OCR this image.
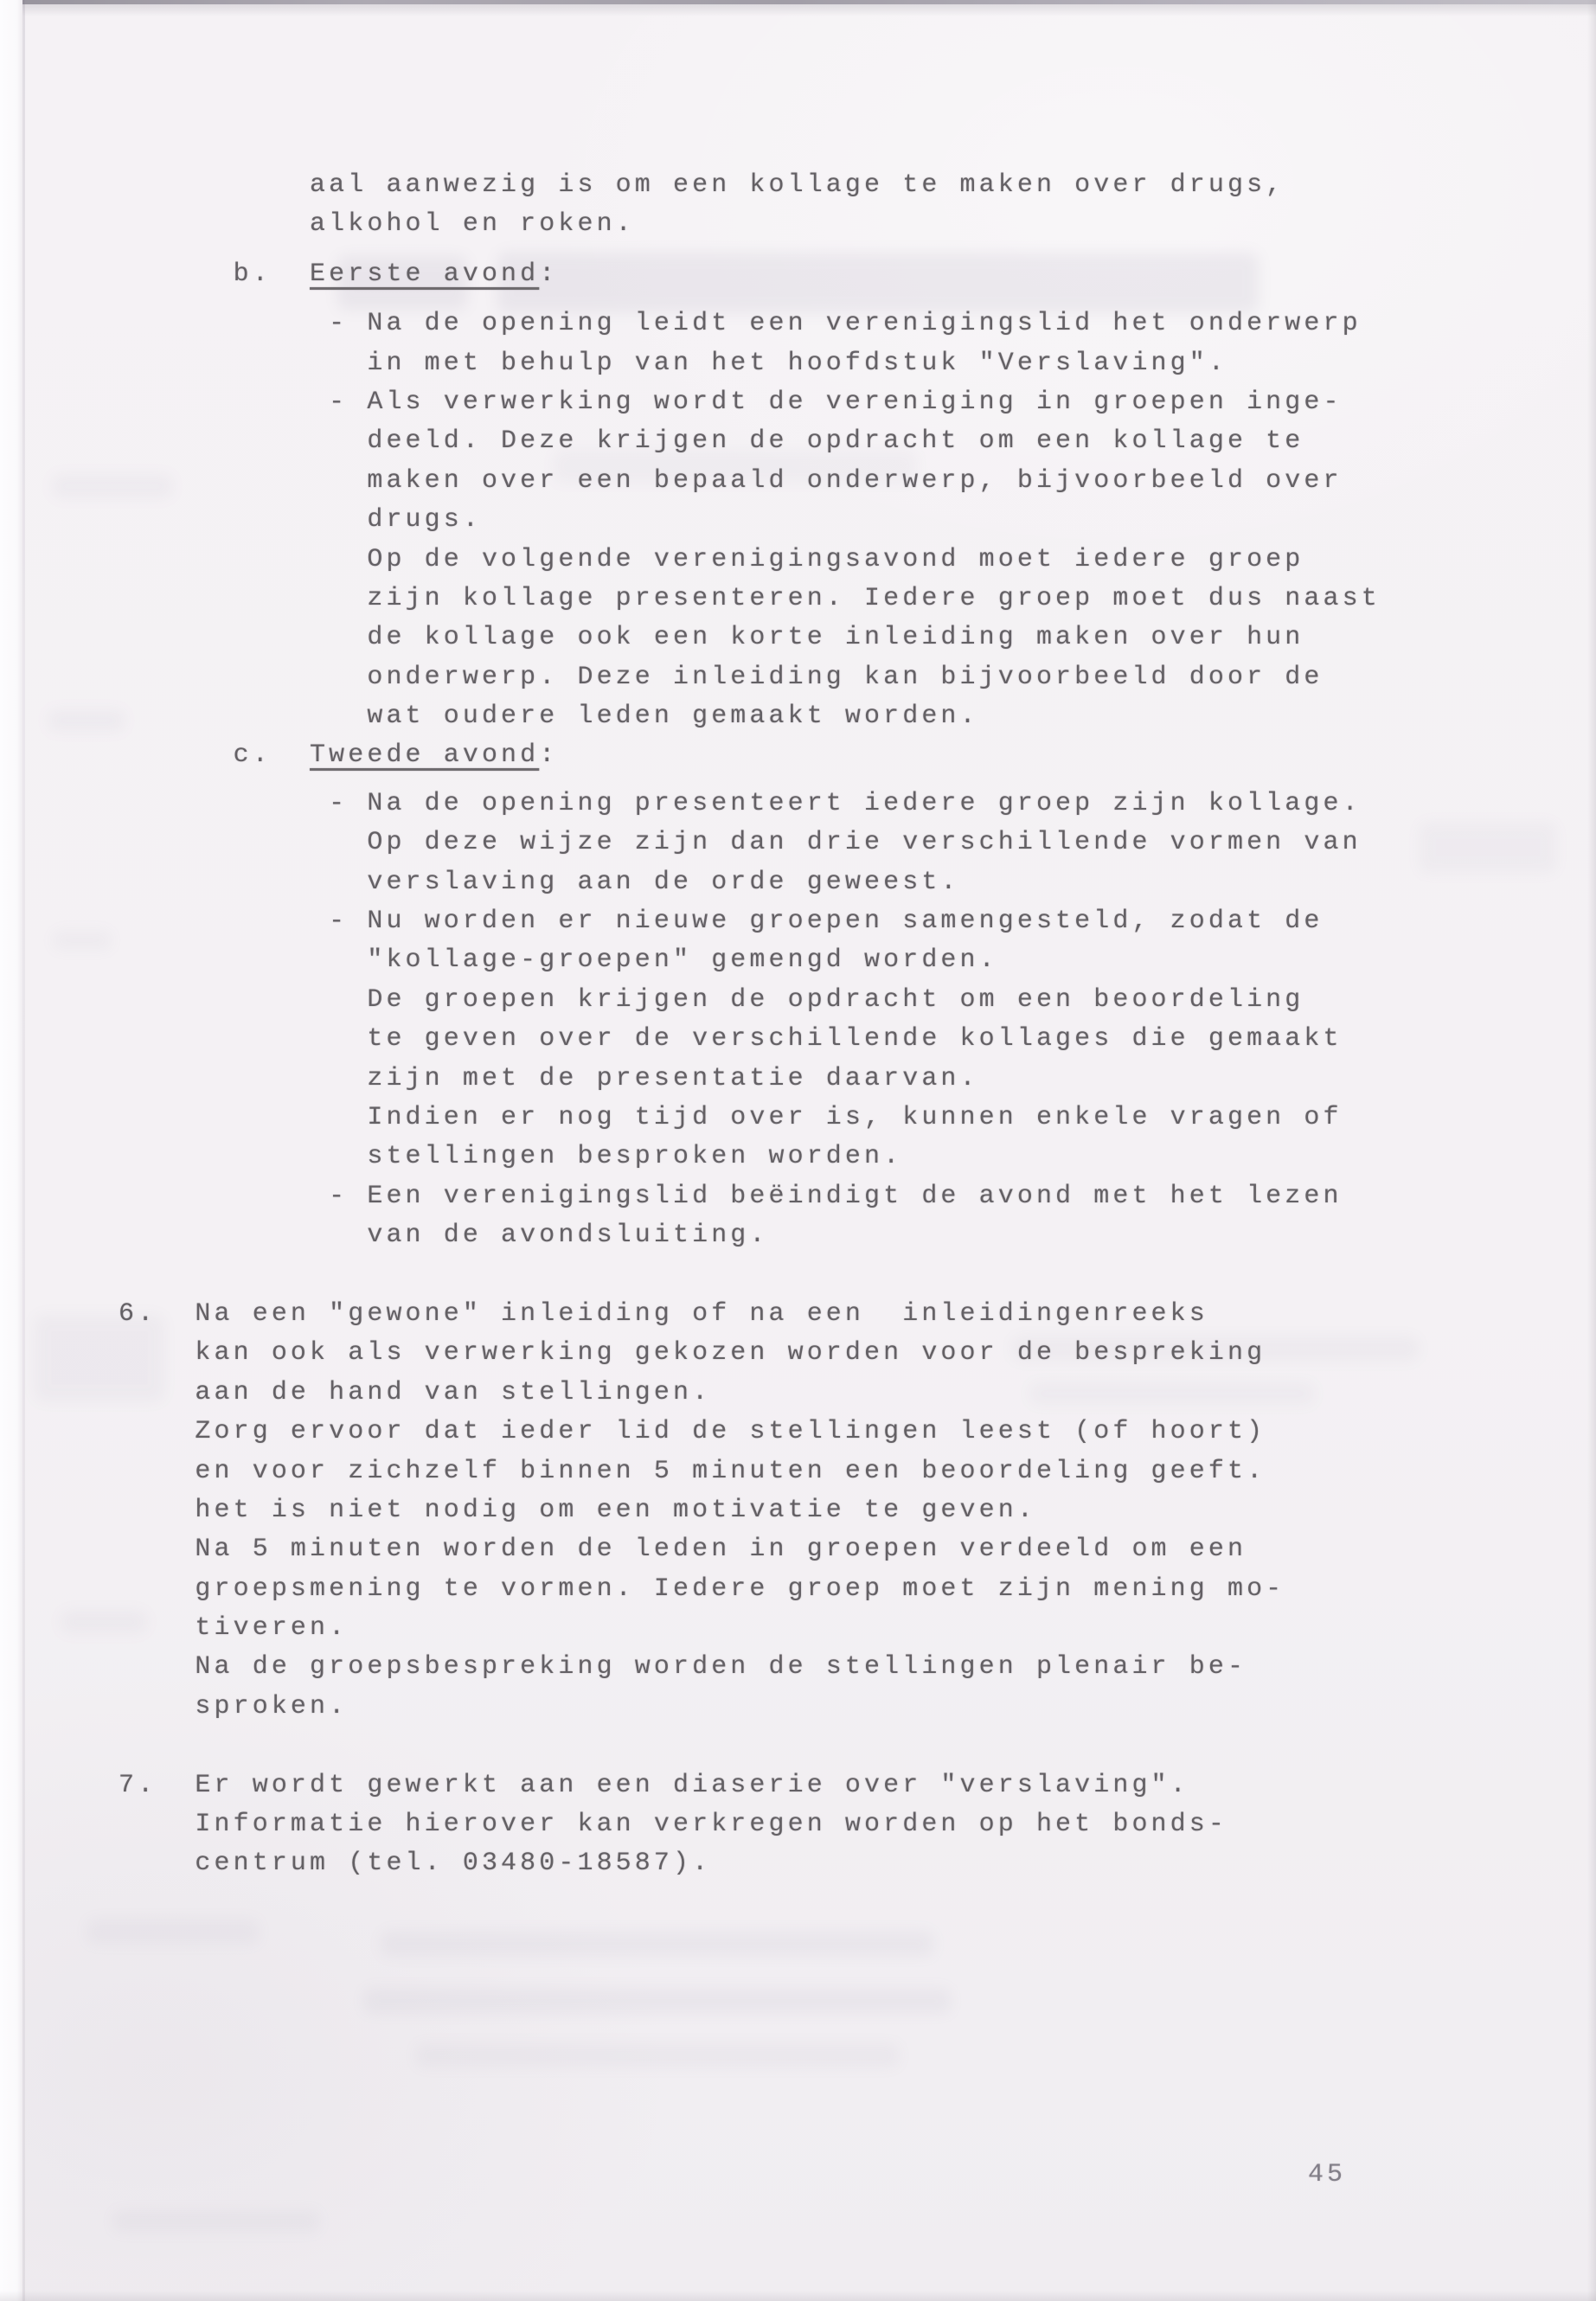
aal aanwezig is om een kollage te maken over drugs,
alkohol en roken.
b.  Eerste avond:
- Na de opening leidt een verenigingslid het onderwerp
in met behulp van het hoofdstuk "Verslaving".
- Als verwerking wordt de vereniging in groepen inge-
deeld. Deze krijgen de opdracht om een kollage te
maken over een bepaald onderwerp, bijvoorbeeld over
drugs.
Op de volgende verenigingsavond moet iedere groep
zijn kollage presenteren. Iedere groep moet dus naast
de kollage ook een korte inleiding maken over hun
onderwerp. Deze inleiding kan bijvoorbeeld door de
wat oudere leden gemaakt worden.
c.  Tweede avond:
- Na de opening presenteert iedere groep zijn kollage.
Op deze wijze zijn dan drie verschillende vormen van
verslaving aan de orde geweest.
- Nu worden er nieuwe groepen samengesteld, zodat de
"kollage-groepen" gemengd worden.
De groepen krijgen de opdracht om een beoordeling
te geven over de verschillende kollages die gemaakt
zijn met de presentatie daarvan.
Indien er nog tijd over is, kunnen enkele vragen of
stellingen besproken worden.
- Een verenigingslid beëindigt de avond met het lezen
van de avondsluiting.

6.  Na een "gewone" inleiding of na een  inleidingenreeks
kan ook als verwerking gekozen worden voor de bespreking
aan de hand van stellingen.
Zorg ervoor dat ieder lid de stellingen leest (of hoort)
en voor zichzelf binnen 5 minuten een beoordeling geeft.
het is niet nodig om een motivatie te geven.
Na 5 minuten worden de leden in groepen verdeeld om een
groepsmening te vormen. Iedere groep moet zijn mening mo-
tiveren.
Na de groepsbespreking worden de stellingen plenair be-
sproken.

7.  Er wordt gewerkt aan een diaserie over "verslaving".
Informatie hierover kan verkregen worden op het bonds-
centrum (tel. 03480-18587).
45
